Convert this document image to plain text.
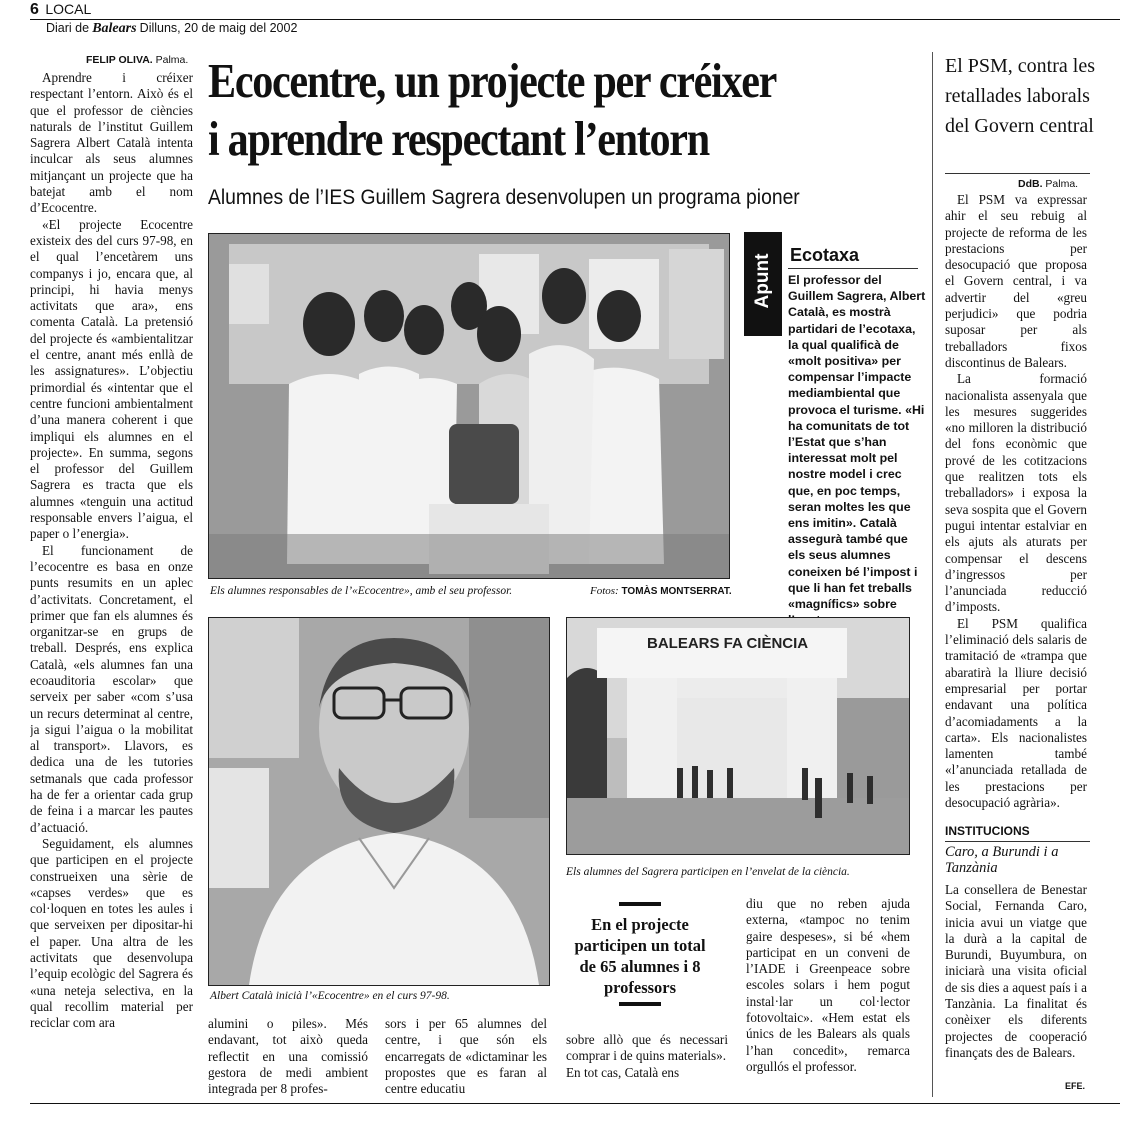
6 LOCAL
Diari de Balears Dilluns, 20 de maig del 2002
FELIP OLIVA. Palma. Ecocentre, un projecte per créixer
i aprendre respectant l’entorn
Alumnes de l’IES Guillem Sagrera desenvolupen un programa pioner

Aprendre i créixer respectant l’entorn. Això és el que el professor de ciències naturals de l’institut Guillem Sagrera Albert Català intenta inculcar als seus alumnes mitjançant un projecte que ha batejat amb el nom d’Ecocentre.

«El projecte Ecocentre existeix des del curs 97-98, en el qual l’encetàrem uns companys i jo, encara que, al principi, hi havia menys activitats que ara», ens comenta Català. La pretensió del projecte és «ambientalitzar el centre, anant més enllà de les assignatures». L’objectiu primordial és «intentar que el centre funcioni ambientalment d’una manera coherent i que impliqui els alumnes en el projecte». En summa, segons el professor del Guillem Sagrera es tracta que els alumnes «tenguin una actitud responsable envers l’aigua, el paper o l’energia».

El funcionament de l’ecocentre es basa en onze punts resumits en un aplec d’activitats. Concretament, el primer que fan els alumnes és organitzar-se en grups de treball. Després, ens explica Català, «els alumnes fan una ecoauditoria escolar» que serveix per saber «com s’usa un recurs determinat al centre, ja sigui l’aigua o la mobilitat al transport». Llavors, es dedica una de les tutories setmanals que cada professor ha de fer a orientar cada grup de feina i a marcar les pautes d’actuació.

Seguidament, els alumnes que participen en el projecte construeixen una sèrie de «capses verdes» que es col·loquen en totes les aules i que serveixen per dipositar-hi el paper. Una altra de les activitats que desenvolupa l’equip ecològic del Sagrera és «una neteja selectiva, en la qual recollim material per reciclar com ara

Els alumnes responsables de l’«Ecocentre», amb el seu professor.	Fotos: TOMÀS MONTSERRAT.
Apunt Ecotaxa
El professor del Guillem Sagrera, Albert Català, es mostrà partidari de l’ecotaxa, la qual qualificà de «molt positiva» per compensar l’impacte mediambiental que provoca el turisme. «Hi ha comunitats de tot l’Estat que s’han interessat molt pel nostre model i crec que, en poc temps, seran moltes les que ens imitin». Català assegurà també que els seus alumnes coneixen bé l’impost i que li han fet treballs «magnífics» sobre
El PSM, contra les retallades laborals del Govern central
DdB. Palma.

El PSM va expressar ahir el seu rebuig al projecte de reforma de les prestacions per desocupació que proposa el Govern central, i va advertir del «greu perjudici» que podria suposar per als treballadors fixos discontinus de Balears.

La formació nacionalista assenyala que les mesures suggerides «no milloren la distribució del fons econòmic que prové de les cotitzacions que realitzen tots els treballadors» i exposa la seva sospita que el Govern pugui intentar estalviar en els ajuts als aturats per compensar el descens d’ingressos per l’anunciada reducció d’imposts.

El PSM qualifica l’eliminació dels salaris de tramitació de «trampa que abaratirà la lliure decisió empresarial per portar endavant una política d’acomiadaments a la carta». Els nacionalistes lamenten també «l’anunciada retallada de les prestacions per desocupació agrària».

INSTITUCIONS
Caro, a Burundi i a Tanzània
La consellera de Benestar Social, Fernanda Caro, inicia avui un viatge que la durà a la capital de Burundi, Buyumbura, on iniciarà una visita oficial de sis dies a aquest país i a Tanzània. La finalitat és conèixer els diferents projectes de cooperació finançats des de Balears.
EFE.
Albert Català inicià l’«Ecocentre» en el curs 97-98.
BALEARS FA CIÈNCIA
Els alumnes del Sagrera participen en l’envelat de la ciència.
En el projecte participen un total de 65 alumnes i 8 professors
alumini o piles». Més endavant, tot això queda reflectit en una comissió gestora de medi ambient integrada per 8 profes-
sors i per 65 alumnes del centre, i que són els encarregats de «dictaminar les propostes que es faran al centre educatiu
sobre allò que és necessari comprar i de quins materials».
En tot cas, Català ens
diu que no reben ajuda externa, «tampoc no tenim gaire despeses», si bé «hem participat en un conveni de l’IADE i Greenpeace sobre escoles solars i hem pogut instal·lar un col·lector fotovoltaic». «Hem estat els únics de les Balears als quals l’han concedit», remarca orgullós el professor.
